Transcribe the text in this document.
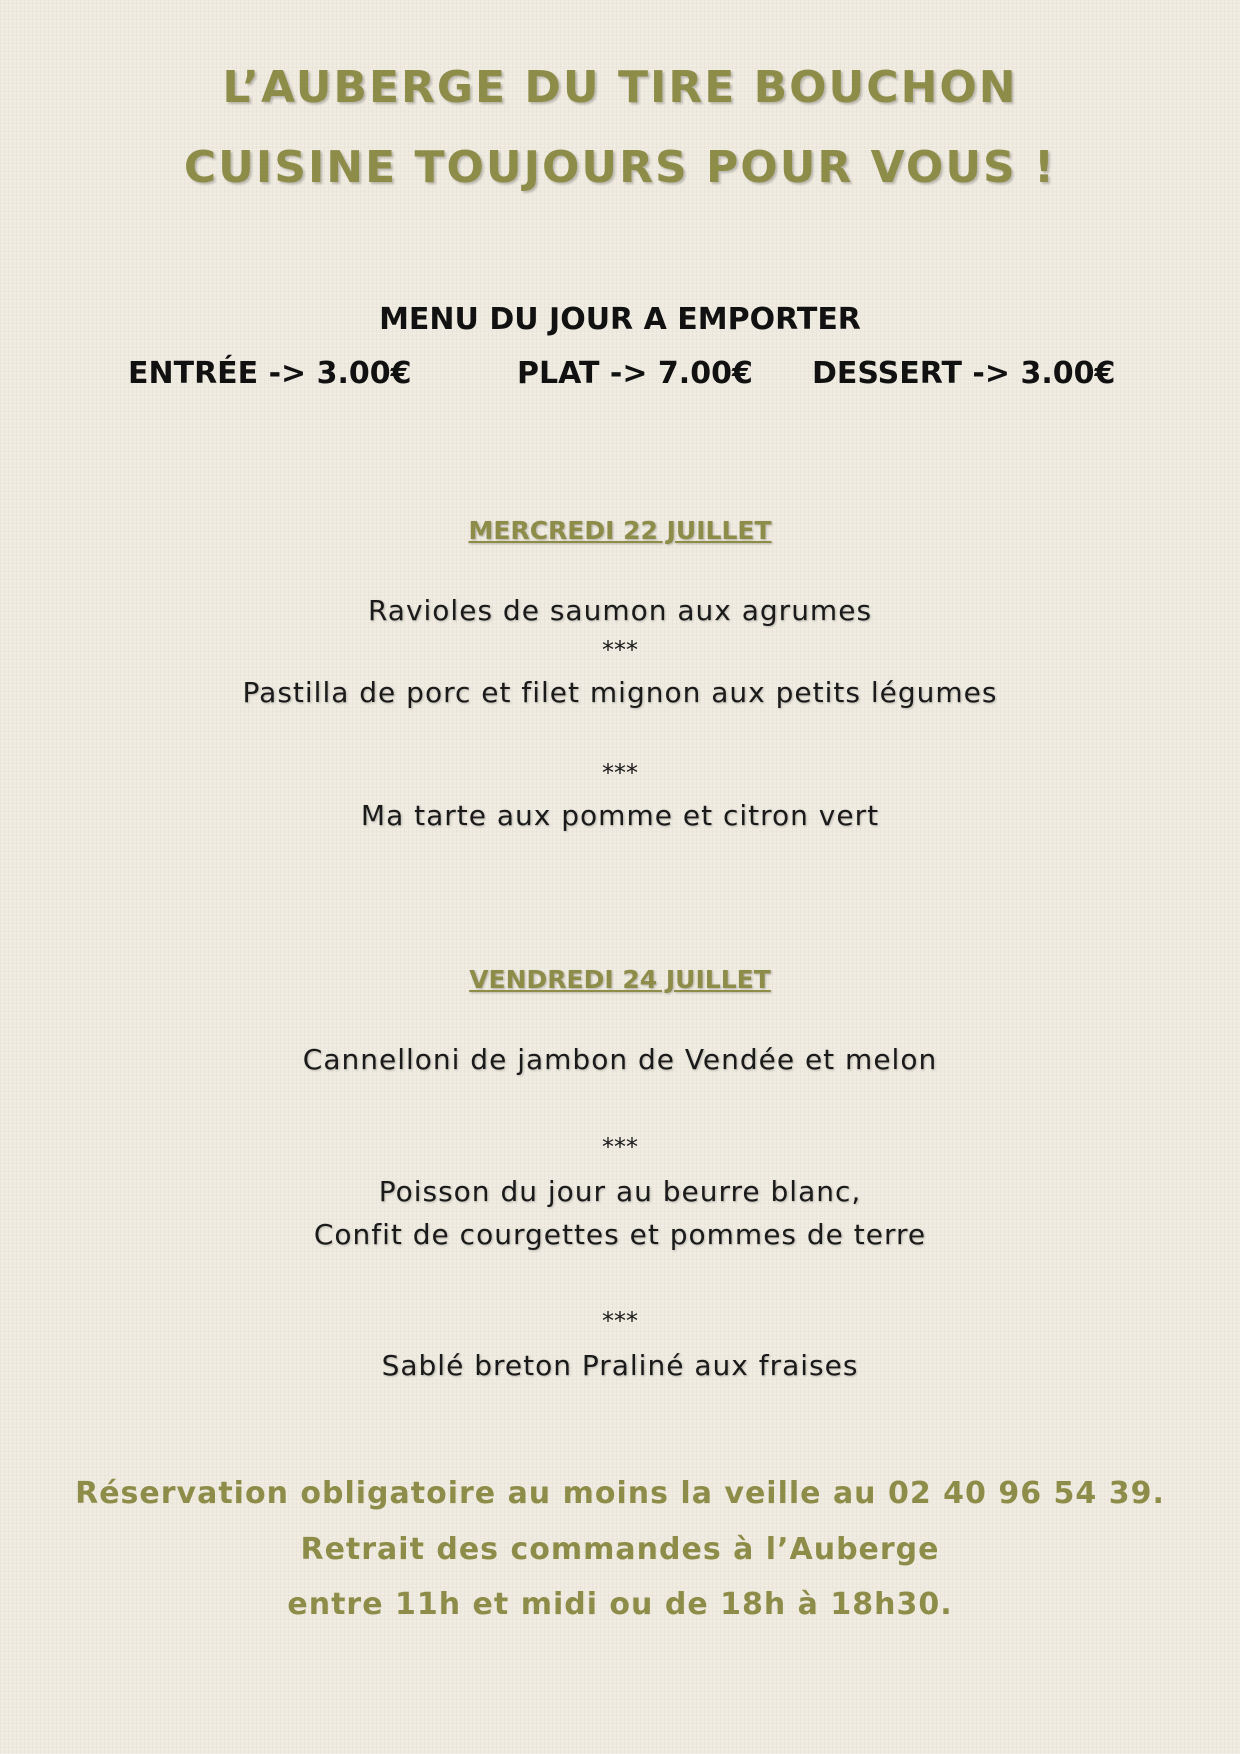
L’AUBERGE DU TIRE BOUCHON
CUISINE TOUJOURS POUR VOUS !
MENU DU JOUR A EMPORTER
ENTRÉE -> 3.00€	PLAT -> 7.00€ DESSERT -> 3.00€
MERCREDI 22 JUILLET
Ravioles de saumon aux agrumes
***
Pastilla de porc et filet mignon aux petits légumes
***
Ma tarte aux pomme et citron vert
VENDREDI 24 JUILLET
Cannelloni de jambon de Vendée et melon
***
Poisson du jour au beurre blanc,
Confit de courgettes et pommes de terre
***
Sablé breton Praliné aux fraises
Réservation obligatoire au moins la veille au 02 40 96 54 39.
Retrait des commandes à l’Auberge
entre 11h et midi ou de 18h à 18h30.
